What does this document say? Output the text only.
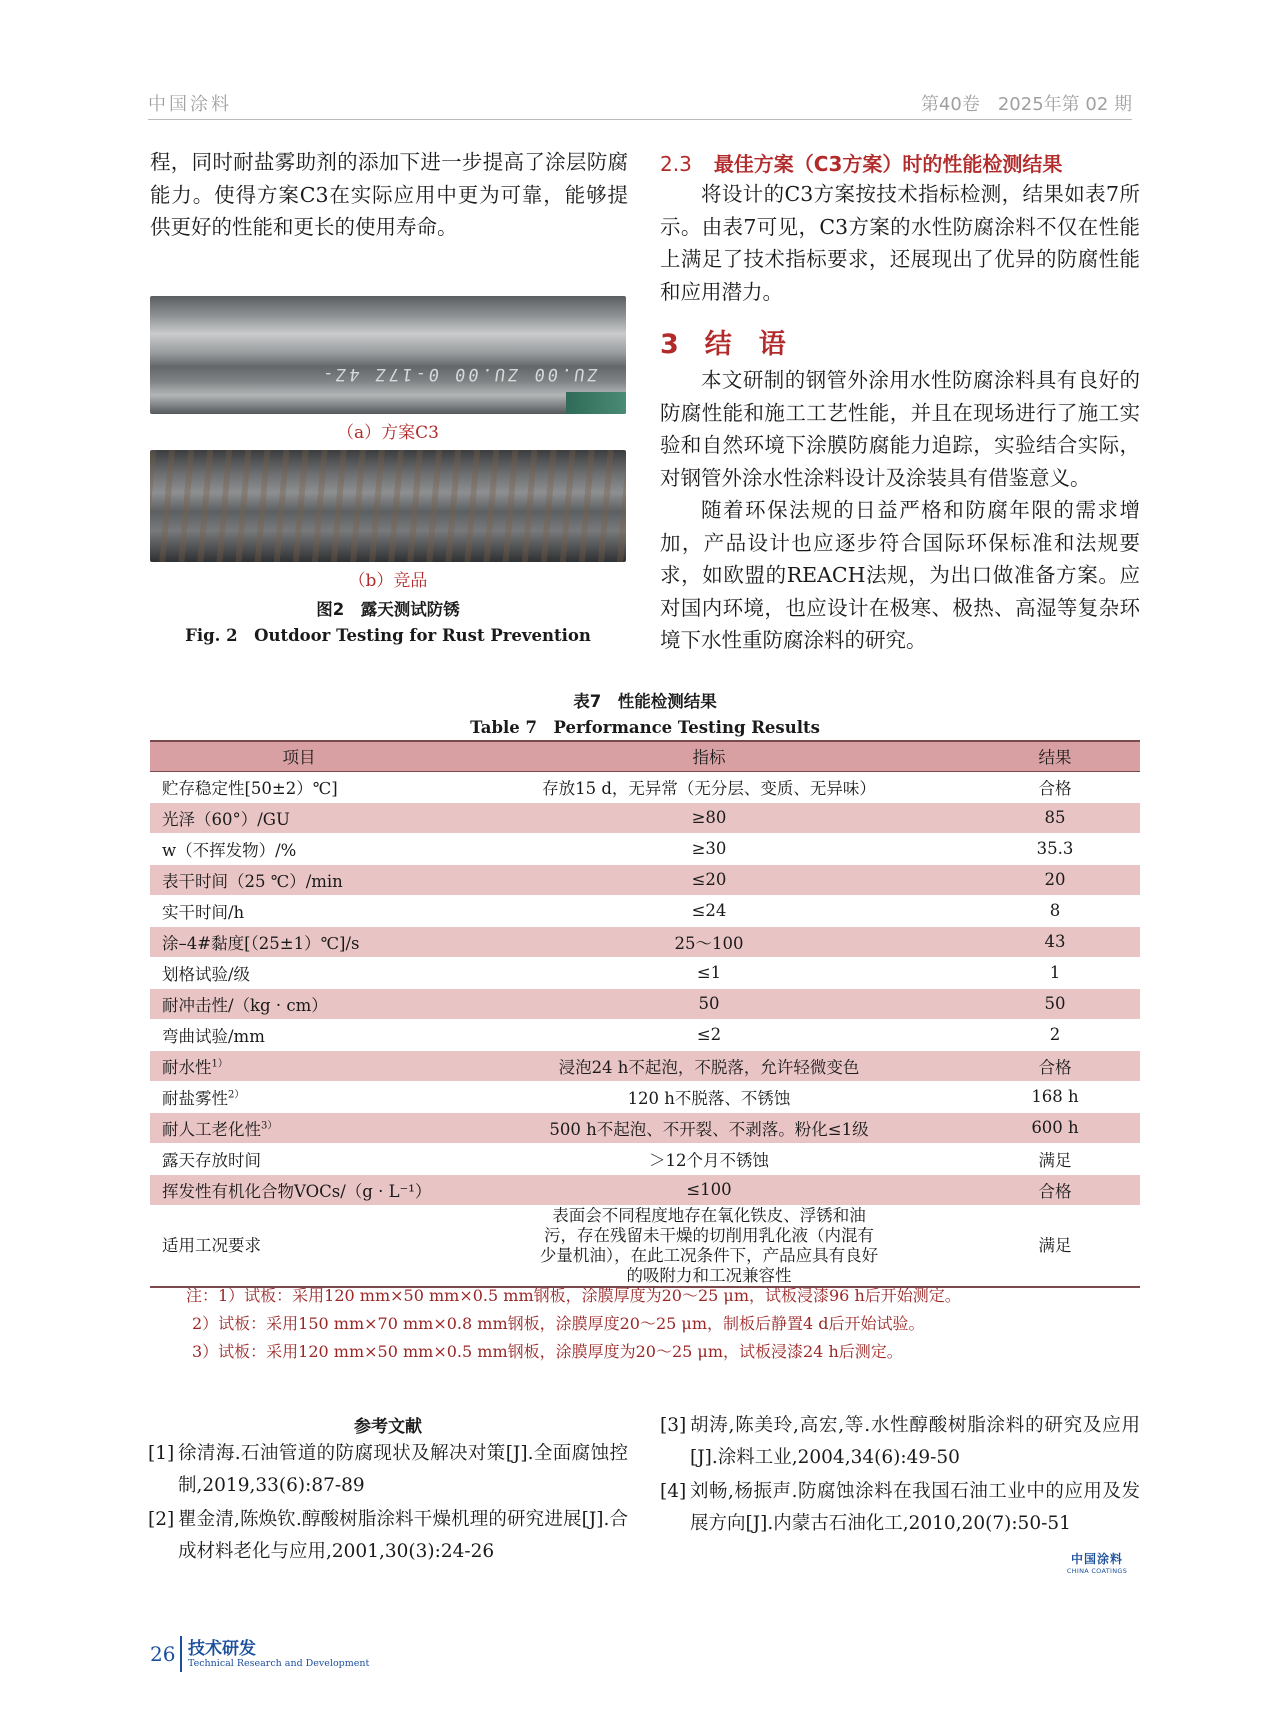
中国涂料	第40卷　2025年第 02 期
程，同时耐盐雾助剂的添加下进一步提高了涂层防腐能力。使得方案C3在实际应用中更为可靠，能够提供更好的性能和更长的使用寿命。
ZU.00 ZU.00 0-17Z 4Z-
（a）方案C3
（b）竞品
图2　露天测试防锈
Fig. 2　Outdoor Testing for Rust Prevention
2.3 最佳方案（C3方案）时的性能检测结果
将设计的C3方案按技术指标检测，结果如表7所示。由表7可见，C3方案的水性防腐涂料不仅在性能上满足了技术指标要求，还展现出了优异的防腐性能和应用潜力。
3 结　语
本文研制的钢管外涂用水性防腐涂料具有良好的防腐性能和施工工艺性能，并且在现场进行了施工实验和自然环境下涂膜防腐能力追踪，实验结合实际，对钢管外涂水性涂料设计及涂装具有借鉴意义。
随着环保法规的日益严格和防腐年限的需求增加，产品设计也应逐步符合国际环保标准和法规要求，如欧盟的REACH法规，为出口做准备方案。应对国内环境，也应设计在极寒、极热、高湿等复杂环境下水性重防腐涂料的研究。
表7　性能检测结果
Table 7　Performance Testing Results
项目	指标	结果
贮存稳定性[50±2）℃]	存放15 d，无异常（无分层、变质、无异味）	合格
光泽（60°）/GU	≥80	85
w（不挥发物）/%	≥30	35.3
表干时间（25 ℃）/min	≤20	20
实干时间/h	≤24	8
涂–4#黏度[（25±1）℃]/s	25～100	43
划格试验/级	≤1	1
耐冲击性/（kg · cm）	50	50
弯曲试验/mm	≤2	2
耐水性$^{1)}$	浸泡24 h不起泡，不脱落，允许轻微变色	合格
耐盐雾性$^{2)}$	120 h不脱落、不锈蚀	168 h
耐人工老化性$^{3)}$	500 h不起泡、不开裂、不剥落。粉化≤1级	600 h
露天存放时间	＞12个月不锈蚀	满足
挥发性有机化合物VOCs/（g · L⁻¹）	≤100	合格
适用工况要求	表面会不同程度地存在氧化铁皮、浮锈和油污，存在残留未干燥的切削用乳化液（内混有少量机油），在此工况条件下，产品应具有良好的吸附力和工况兼容性	满足
注：1）试板：采用120 mm×50 mm×0.5 mm钢板，涂膜厚度为20～25 μm，试板浸漆96 h后开始测定。
2）试板：采用150 mm×70 mm×0.8 mm钢板，涂膜厚度20～25 μm，制板后静置4 d后开始试验。
3）试板：采用120 mm×50 mm×0.5 mm钢板，涂膜厚度为20～25 μm，试板浸漆24 h后测定。
参考文献
[1] 徐清海.石油管道的防腐现状及解决对策[J].全面腐蚀控制,2019,33(6):87-89
[2] 瞿金清,陈焕钦.醇酸树脂涂料干燥机理的研究进展[J].合成材料老化与应用,2001,30(3):24-26
[3] 胡涛,陈美玲,高宏,等.水性醇酸树脂涂料的研究及应用[J].涂料工业,2004,34(6):49-50
[4] 刘畅,杨振声.防腐蚀涂料在我国石油工业中的应用及发展方向[J].内蒙古石油化工,2010,20(7):50-51
中国涂料
CHINA COATINGS
26 技术研发
Technical Research and Development
